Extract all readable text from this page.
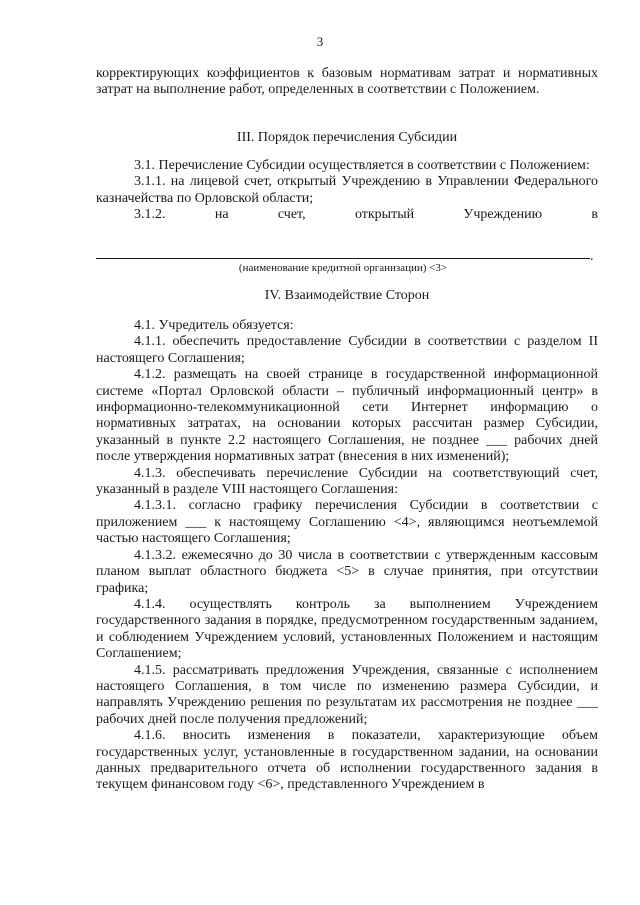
3

корректирующих коэффициентов к базовым нормативам затрат и нормативных затрат на выполнение работ, определенных в соответствии с Положением.

III. Порядок перечисления Субсидии

3.1. Перечисление Субсидии осуществляется в соответствии с Положением:

3.1.1. на лицевой счет, открытый Учреждению в Управлении Федерального казначейства по Орловской области;

3.1.2. на счет, открытый Учреждению в

.
(наименование кредитной организации) <3>
IV. Взаимодействие Сторон

4.1. Учредитель обязуется:

4.1.1. обеспечить предоставление Субсидии в соответствии с разделом II настоящего Соглашения;

4.1.2. размещать на своей странице в государственной информационной системе «Портал Орловской области – публичный информационный центр» в информационно-телекоммуникационной сети Интернет информацию о нормативных затратах, на основании которых рассчитан размер Субсидии, указанный в пункте 2.2 настоящего Соглашения, не позднее ___ рабочих дней после утверждения нормативных затрат (внесения в них изменений);

4.1.3. обеспечивать перечисление Субсидии на соответствующий счет, указанный в разделе VIII настоящего Соглашения:

4.1.3.1. согласно графику перечисления Субсидии в соответствии с приложением ___ к настоящему Соглашению <4>, являющимся неотъемлемой частью настоящего Соглашения;

4.1.3.2. ежемесячно до 30 числа в соответствии с утвержденным кассовым планом выплат областного бюджета <5> в случае принятия, при отсутствии графика;

4.1.4. осуществлять контроль за выполнением Учреждением государственного задания в порядке, предусмотренном государственным заданием, и соблюдением Учреждением условий, установленных Положением и настоящим Соглашением;

4.1.5. рассматривать предложения Учреждения, связанные с исполнением настоящего Соглашения, в том числе по изменению размера Субсидии, и направлять Учреждению решения по результатам их рассмотрения не позднее ___ рабочих дней после получения предложений;

4.1.6. вносить изменения в показатели, характеризующие объем государственных услуг, установленные в государственном задании, на основании данных предварительного отчета об исполнении государственного задания в текущем финансовом году <6>, представленного Учреждением в
